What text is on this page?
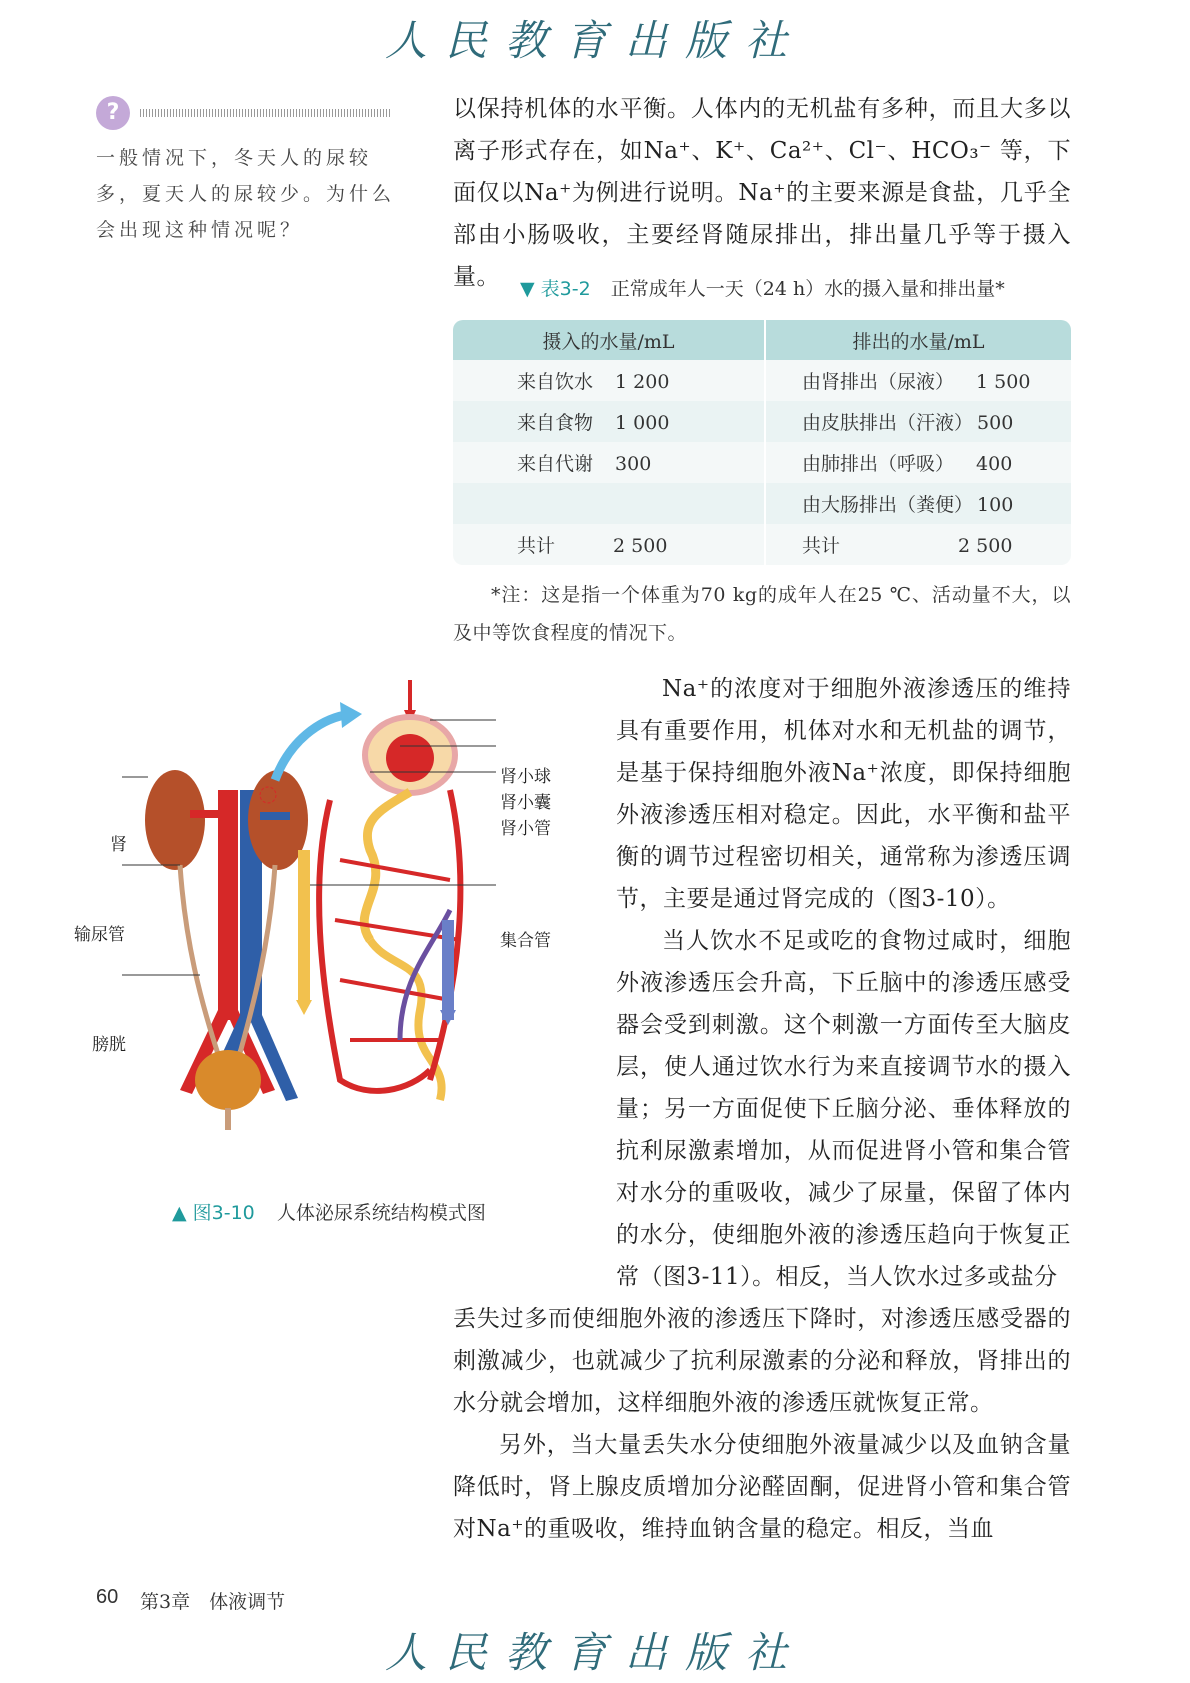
人民教育出版社
?
一般情况下，冬天人的尿较多，夏天人的尿较少。为什么会出现这种情况呢？
以保持机体的水平衡。人体内的无机盐有多种，而且大多以离子形式存在，如Na⁺、K⁺、Ca²⁺、Cl⁻、HCO₃⁻ 等，下面仅以Na⁺为例进行说明。Na⁺的主要来源是食盐，几乎全部由小肠吸收，主要经肾随尿排出，排出量几乎等于摄入量。	▼ 表3-2 正常成年人一天（24 h）水的摄入量和排出量*
摄入的水量/mL	排出的水量/mL
来自饮水 1 200	由肾排出（尿液） 1 500
来自食物 1 000	由皮肤排出（汗液） 500
来自代谢 300	由肺排出（呼吸） 400
	由大肠排出（粪便） 100
共计 2 500	共计 2 500
*注：这是指一个体重为70 kg的成年人在25 ℃、活动量不大，以及中等饮食程度的情况下。
肾
输尿管
膀胱
肾小球
肾小囊
肾小管
集合管
▲ 图3-10 人体泌尿系统结构模式图
Na⁺的浓度对于细胞外液渗透压的维持具有重要作用，机体对水和无机盐的调节，是基于保持细胞外液Na⁺浓度，即保持细胞外液渗透压相对稳定。因此，水平衡和盐平衡的调节过程密切相关，通常称为渗透压调节，主要是通过肾完成的（图3-10）。
当人饮水不足或吃的食物过咸时，细胞外液渗透压会升高，下丘脑中的渗透压感受器会受到刺激。这个刺激一方面传至大脑皮层，使人通过饮水行为来直接调节水的摄入量；另一方面促使下丘脑分泌、垂体释放的抗利尿激素增加，从而促进肾小管和集合管对水分的重吸收，减少了尿量，保留了体内的水分，使细胞外液的渗透压趋向于恢复正常（图3-11）。相反，当人饮水过多或盐分
丢失过多而使细胞外液的渗透压下降时，对渗透压感受器的刺激减少，也就减少了抗利尿激素的分泌和释放，肾排出的水分就会增加，这样细胞外液的渗透压就恢复正常。
另外，当大量丢失水分使细胞外液量减少以及血钠含量降低时，肾上腺皮质增加分泌醛固酮，促进肾小管和集合管对Na⁺的重吸收，维持血钠含量的稳定。相反，当血
60 第3章　体液调节
人民教育出版社
